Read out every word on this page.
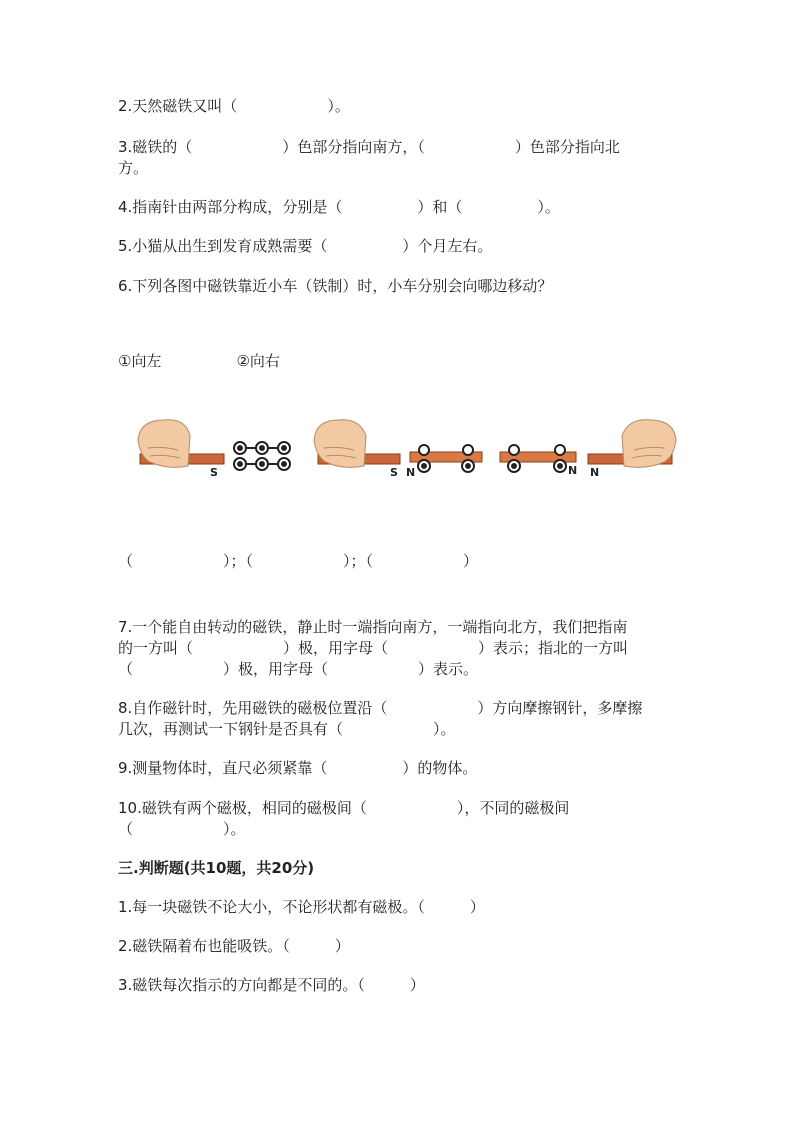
2.天然磁铁又叫（　　　　　　）。
3.磁铁的（　　　　　　）色部分指向南方，（　　　　　　）色部分指向北
方。
4.指南针由两部分构成，分别是（　　　　　）和（　　　　　）。
5.小猫从出生到发育成熟需要（　　　　　）个月左右。
6.下列各图中磁铁靠近小车（铁制）时，小车分别会向哪边移动？
①向左　　　　　②向右
S	S N	N N
（　　　　　　）；（　　　　　　）；（　　　　　　）
7.一个能自由转动的磁铁，静止时一端指向南方，一端指向北方，我们把指南
的一方叫（　　　　　　）极，用字母（　　　　　　）表示；指北的一方叫
（　　　　　　）极，用字母（　　　　　　）表示。
8.自作磁针时，先用磁铁的磁极位置沿（　　　　　　）方向摩擦钢针，多摩擦
几次，再测试一下钢针是否具有（　　　　　　）。
9.测量物体时，直尺必须紧靠（　　　　　）的物体。
10.磁铁有两个磁极，相同的磁极间（　　　　　　），不同的磁极间
（　　　　　　）。
三.判断题(共10题，共20分)
1.每一块磁铁不论大小，不论形状都有磁极。（　　　）
2.磁铁隔着布也能吸铁。（　　　）
3.磁铁每次指示的方向都是不同的。（　　　）
